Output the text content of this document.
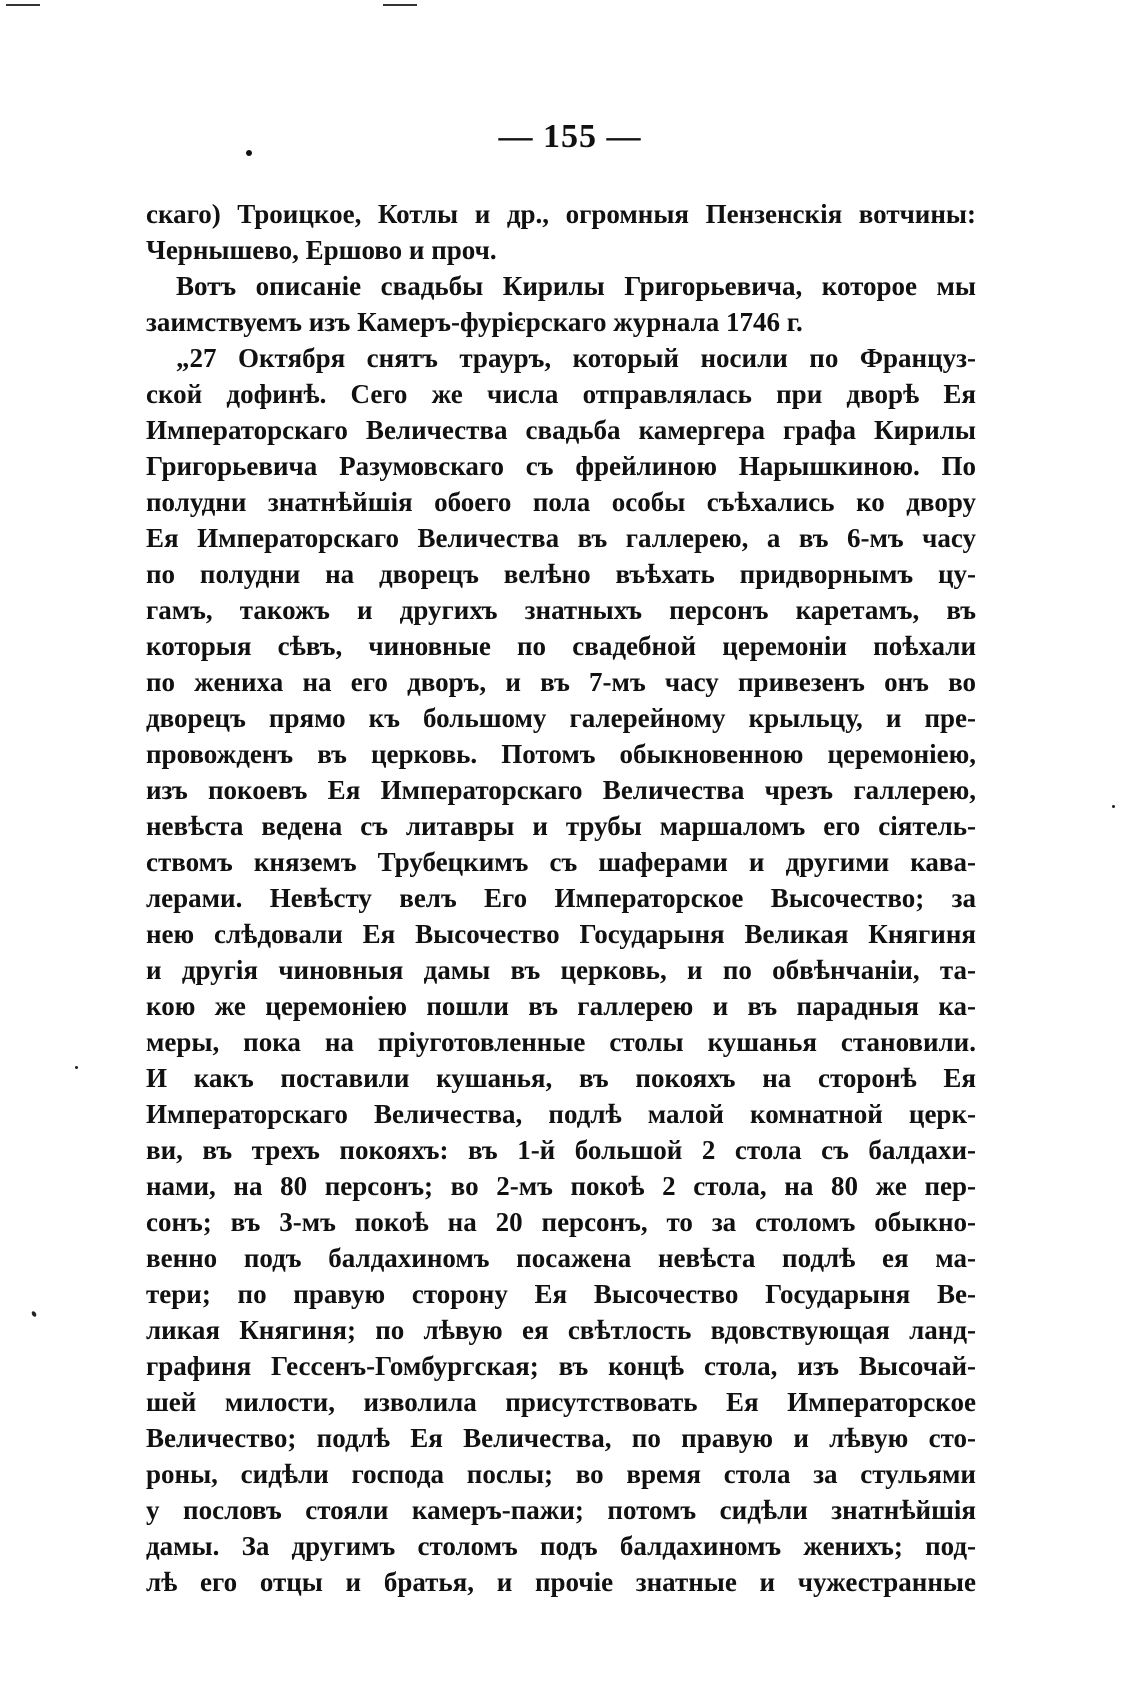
— 155 —
скаго) Троицкое, Котлы и др., огромныя Пензенскія вотчины:
Чернышево, Ершово и проч.
Вотъ описаніе свадьбы Кирилы Григорьевича, которое мы
заимствуемъ изъ Камеръ-фурієрскаго журнала 1746 г.
„27 Октября снятъ трауръ, который носили по Француз-
ской дофинѣ. Сего же числа отправлялась при дворѣ Ея
Императорскаго Величества свадьба камергера графа Кирилы
Григорьевича Разумовскаго съ фрейлиною Нарышкиною. По
полудни знатнѣйшія обоего пола особы съѣхались ко двору
Ея Императорскаго Величества въ галлерею, а въ 6-мъ часу
по полудни на дворецъ велѣно въѣхать придворнымъ цу-
гамъ, такожъ и другихъ знатныхъ персонъ каретамъ, въ
которыя сѣвъ, чиновные по свадебной церемоніи поѣхали
по жениха на его дворъ, и въ 7-мъ часу привезенъ онъ во
дворецъ прямо къ большому галерейному крыльцу, и пре-
провожденъ въ церковь. Потомъ обыкновенною церемоніею,
изъ покоевъ Ея Императорскаго Величества чрезъ галлерею,
невѣста ведена съ литавры и трубы маршаломъ его сіятель-
ствомъ княземъ Трубецкимъ съ шаферами и другими кава-
лерами. Невѣсту велъ Его Императорское Высочество; за
нею слѣдовали Ея Высочество Государыня Великая Княгиня
и другія чиновныя дамы въ церковь, и по обвѣнчаніи, та-
кою же церемоніею пошли въ галлерею и въ парадныя ка-
меры, пока на пріуготовленные столы кушанья становили.
И какъ поставили кушанья, въ покояхъ на сторонѣ Ея
Императорскаго Величества, подлѣ малой комнатной церк-
ви, въ трехъ покояхъ: въ 1-й большой 2 стола съ балдахи-
нами, на 80 персонъ; во 2-мъ покоѣ 2 стола, на 80 же пер-
сонъ; въ 3-мъ покоѣ на 20 персонъ, то за столомъ обыкно-
венно подъ балдахиномъ посажена невѣста подлѣ ея ма-
тери; по правую сторону Ея Высочество Государыня Ве-
ликая Княгиня; по лѣвую ея свѣтлость вдовствующая ланд-
графиня Гессенъ-Гомбургская; въ концѣ стола, изъ Высочай-
шей милости, изволила присутствовать Ея Императорское
Величество; подлѣ Ея Величества, по правую и лѣвую сто-
роны, сидѣли господа послы; во время стола за стульями
у пословъ стояли камеръ-пажи; потомъ сидѣли знатнѣйшія
дамы. За другимъ столомъ подъ балдахиномъ женихъ; под-
лѣ его отцы и братья, и прочіе знатные и чужестранные
